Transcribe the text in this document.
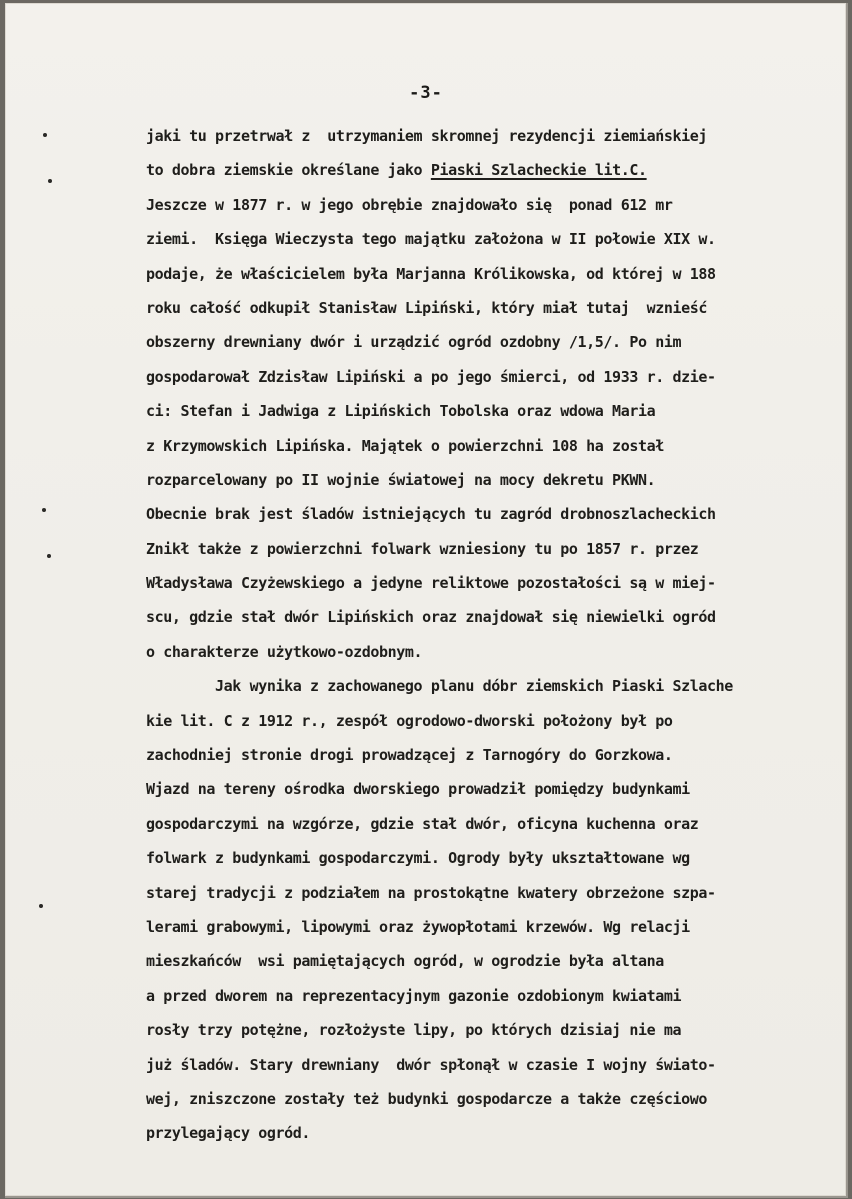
-3-
jaki tu przetrwał z  utrzymaniem skromnej rezydencji ziemiańskiej
to dobra ziemskie określane jako Piaski Szlacheckie lit.C.
Jeszcze w 1877 r. w jego obrębie znajdowało się  ponad 612 mr
ziemi.  Księga Wieczysta tego majątku założona w II połowie XIX w.
podaje, że właścicielem była Marjanna Królikowska, od której w 188
roku całość odkupił Stanisław Lipiński, który miał tutaj  wznieść
obszerny drewniany dwór i urządzić ogród ozdobny /1,5/. Po nim
gospodarował Zdzisław Lipiński a po jego śmierci, od 1933 r. dzie-
ci: Stefan i Jadwiga z Lipińskich Tobolska oraz wdowa Maria
z Krzymowskich Lipińska. Majątek o powierzchni 108 ha został
rozparcelowany po II wojnie światowej na mocy dekretu PKWN.
Obecnie brak jest śladów istniejących tu zagród drobnoszlacheckich
Znikł także z powierzchni folwark wzniesiony tu po 1857 r. przez
Władysława Czyżewskiego a jedyne reliktowe pozostałości są w miej-
scu, gdzie stał dwór Lipińskich oraz znajdował się niewielki ogród
o charakterze użytkowo-ozdobnym.
Jak wynika z zachowanego planu dóbr ziemskich Piaski Szlache
kie lit. C z 1912 r., zespół ogrodowo-dworski położony był po
zachodniej stronie drogi prowadzącej z Tarnogóry do Gorzkowa.
Wjazd na tereny ośrodka dworskiego prowadził pomiędzy budynkami
gospodarczymi na wzgórze, gdzie stał dwór, oficyna kuchenna oraz
folwark z budynkami gospodarczymi. Ogrody były ukształtowane wg
starej tradycji z podziałem na prostokątne kwatery obrzeżone szpa-
lerami grabowymi, lipowymi oraz żywopłotami krzewów. Wg relacji
mieszkańców  wsi pamiętających ogród, w ogrodzie była altana
a przed dworem na reprezentacyjnym gazonie ozdobionym kwiatami
rosły trzy potężne, rozłożyste lipy, po których dzisiaj nie ma
już śladów. Stary drewniany  dwór spłonął w czasie I wojny świato-
wej, zniszczone zostały też budynki gospodarcze a także częściowo
przylegający ogród.
